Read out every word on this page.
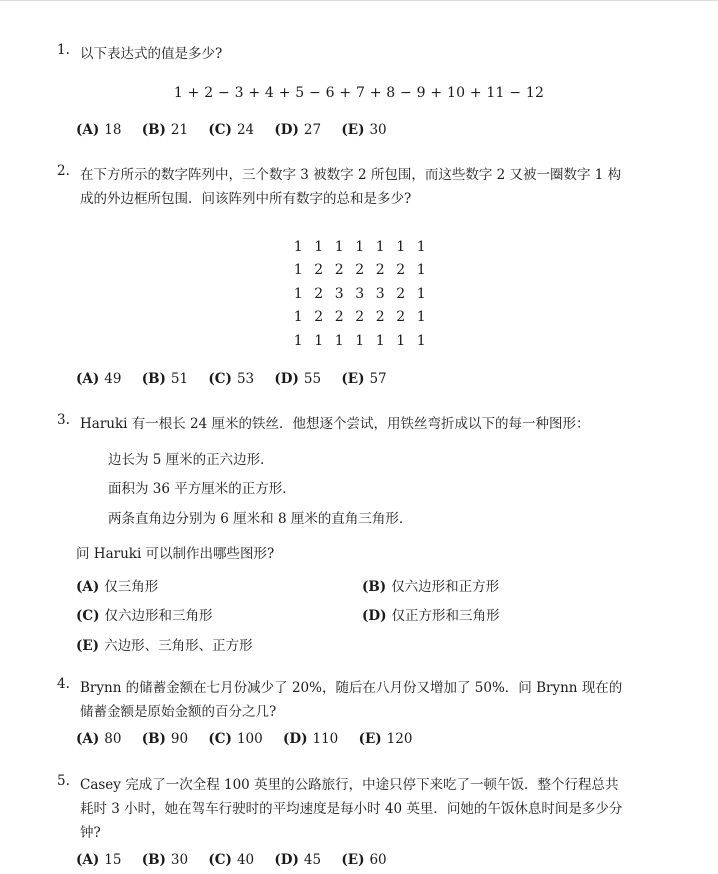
1. 以下表达式的值是多少?
1 + 2 − 3 + 4 + 5 − 6 + 7 + 8 − 9 + 10 + 11 − 12
(A) 18 (B) 21 (C) 24 (D) 27 (E) 30
2. 在下方所示的数字阵列中，三个数字 3 被数字 2 所包围，而这些数字 2 又被一圈数字 1 构
成的外边框所包围．问该阵列中所有数字的总和是多少?
1	1	1	1	1	1	1
1	2	2	2	2	2	1
1	2	3	3	3	2	1
1	2	2	2	2	2	1
1	1	1	1	1	1	1
(A) 49 (B) 51 (C) 53 (D) 55 (E) 57
3. Haruki 有一根长 24 厘米的铁丝．他想逐个尝试，用铁丝弯折成以下的每一种图形：
边长为 5 厘米的正六边形．
面积为 36 平方厘米的正方形．
两条直角边分别为 6 厘米和 8 厘米的直角三角形．
问 Haruki 可以制作出哪些图形?
(A) 仅三角形	(B) 仅六边形和正方形
(C) 仅六边形和三角形	(D) 仅正方形和三角形
(E) 六边形、三角形、正方形
4. Brynn 的储蓄金额在七月份减少了 20%，随后在八月份又增加了 50%．问 Brynn 现在的
储蓄金额是原始金额的百分之几?
(A) 80 (B) 90 (C) 100 (D) 110 (E) 120
5. Casey 完成了一次全程 100 英里的公路旅行，中途只停下来吃了一顿午饭．整个行程总共
耗时 3 小时，她在驾车行驶时的平均速度是每小时 40 英里．问她的午饭休息时间是多少分
钟?
(A) 15 (B) 30 (C) 40 (D) 45 (E) 60
